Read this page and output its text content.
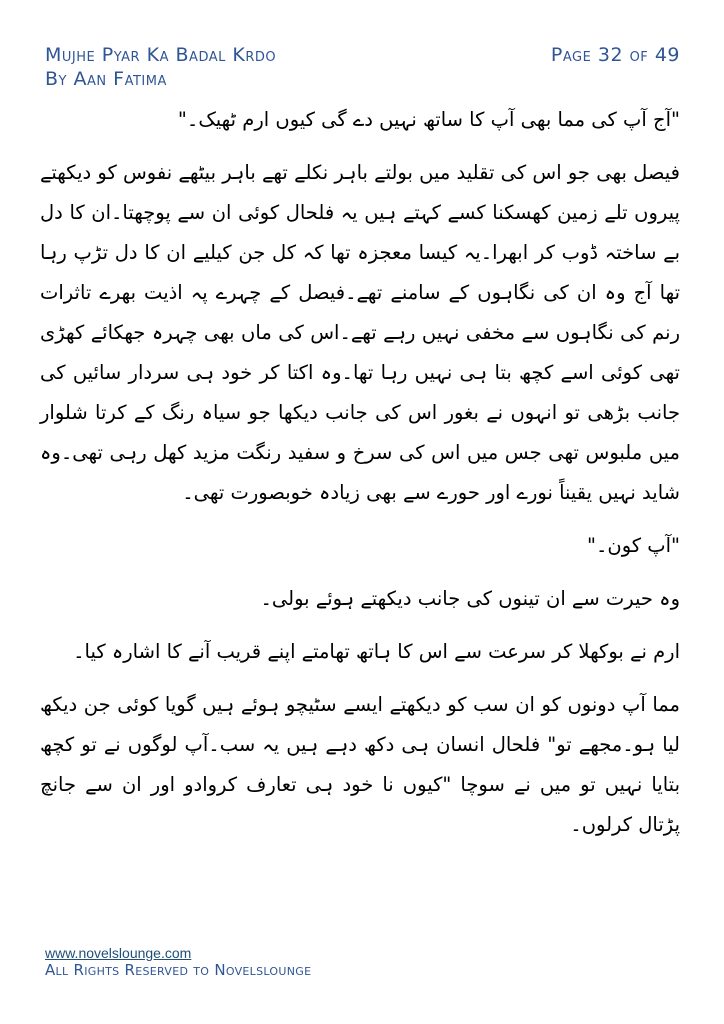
Mujhe Pyar Ka Badal Krdo
By Aan Fatima
Page 32 of 49

"آج آپ کی مما بھی آپ کا ساتھ نہیں دے گی کیوں ارم ٹھیک۔"

فیصل بھی جو اس کی تقلید میں بولتے باہر نکلے تھے باہر بیٹھے نفوس کو دیکھتے پیروں تلے زمین کھسکنا کسے کہتے ہیں یہ فلحال کوئی ان سے پوچھتا۔ان کا دل بے ساختہ ڈوب کر ابھرا۔یہ کیسا معجزہ تھا کہ کل جن کیلیے ان کا دل تڑپ رہا تھا آج وہ ان کی نگاہوں کے سامنے تھے۔فیصل کے چہرے پہ اذیت بھرے تاثرات رنم کی نگاہوں سے مخفی نہیں رہے تھے۔اس کی ماں بھی چہرہ جھکائے کھڑی تھی کوئی اسے کچھ بتا ہی نہیں رہا تھا۔وہ اکتا کر خود ہی سردار سائیں کی جانب بڑھی تو انہوں نے بغور اس کی جانب دیکھا جو سیاہ رنگ کے کرتا شلوار میں ملبوس تھی جس میں اس کی سرخ و سفید رنگت مزید کھل رہی تھی۔وہ شاید نہیں یقیناً نورے اور حورے سے بھی زیادہ خوبصورت تھی۔

"آپ کون۔"

وہ حیرت سے ان تینوں کی جانب دیکھتے ہوئے بولی۔

ارم نے بوکھلا کر سرعت سے اس کا ہاتھ تھامتے اپنے قریب آنے کا اشارہ کیا۔

مما آپ دونوں کو ان سب کو دیکھتے ایسے سٹیچو ہوئے ہیں گویا کوئی جن دیکھ لیا ہو۔مجھے تو" فلحال انسان ہی دکھ دہے ہیں یہ سب۔آپ لوگوں نے تو کچھ بتایا نہیں تو میں نے سوچا "کیوں نا خود ہی تعارف کروادو اور ان سے جانچ پڑتال کرلوں۔

www.novelslounge.com
All Rights Reserved to Novelslounge
